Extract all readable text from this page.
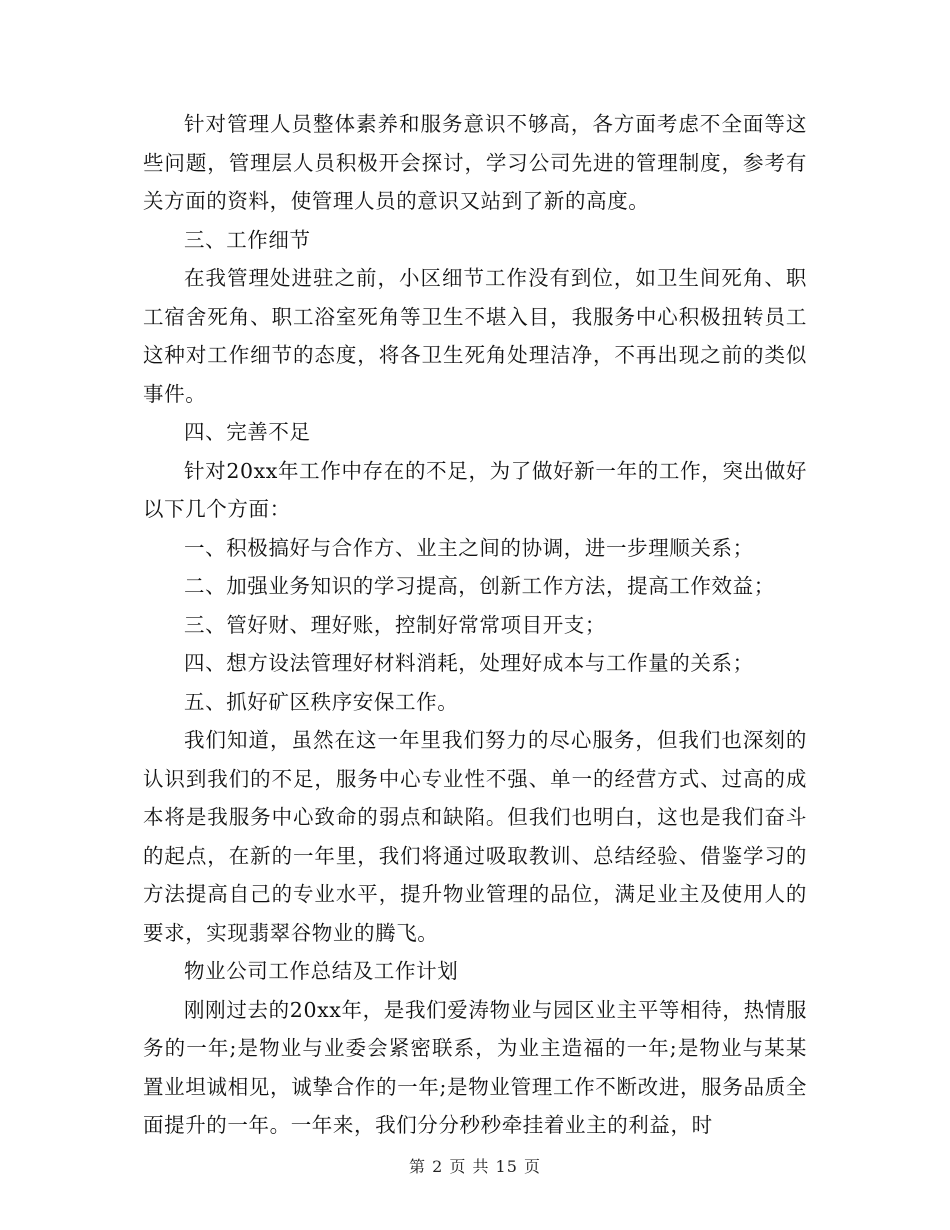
针对管理人员整体素养和服务意识不够高，各方面考虑不全面等这些问题，管理层人员积极开会探讨，学习公司先进的管理制度，参考有关方面的资料，使管理人员的意识又站到了新的高度。

三、工作细节

在我管理处进驻之前，小区细节工作没有到位，如卫生间死角、职工宿舍死角、职工浴室死角等卫生不堪入目，我服务中心积极扭转员工这种对工作细节的态度，将各卫生死角处理洁净，不再出现之前的类似事件。

四、完善不足

针对20xx年工作中存在的不足，为了做好新一年的工作，突出做好以下几个方面：

一、积极搞好与合作方、业主之间的协调，进一步理顺关系；

二、加强业务知识的学习提高，创新工作方法，提高工作效益；

三、管好财、理好账，控制好常常项目开支；

四、想方设法管理好材料消耗，处理好成本与工作量的关系；

五、抓好矿区秩序安保工作。

我们知道，虽然在这一年里我们努力的尽心服务，但我们也深刻的认识到我们的不足，服务中心专业性不强、单一的经营方式、过高的成本将是我服务中心致命的弱点和缺陷。但我们也明白，这也是我们奋斗的起点，在新的一年里，我们将通过吸取教训、总结经验、借鉴学习的方法提高自己的专业水平，提升物业管理的品位，满足业主及使用人的要求，实现翡翠谷物业的腾飞。

物业公司工作总结及工作计划

刚刚过去的20xx年，是我们爱涛物业与园区业主平等相待，热情服务的一年;是物业与业委会紧密联系，为业主造福的一年;是物业与某某置业坦诚相见，诚挚合作的一年;是物业管理工作不断改进，服务品质全面提升的一年。一年来，我们分分秒秒牵挂着业主的利益，时

第 2 页 共 15 页
